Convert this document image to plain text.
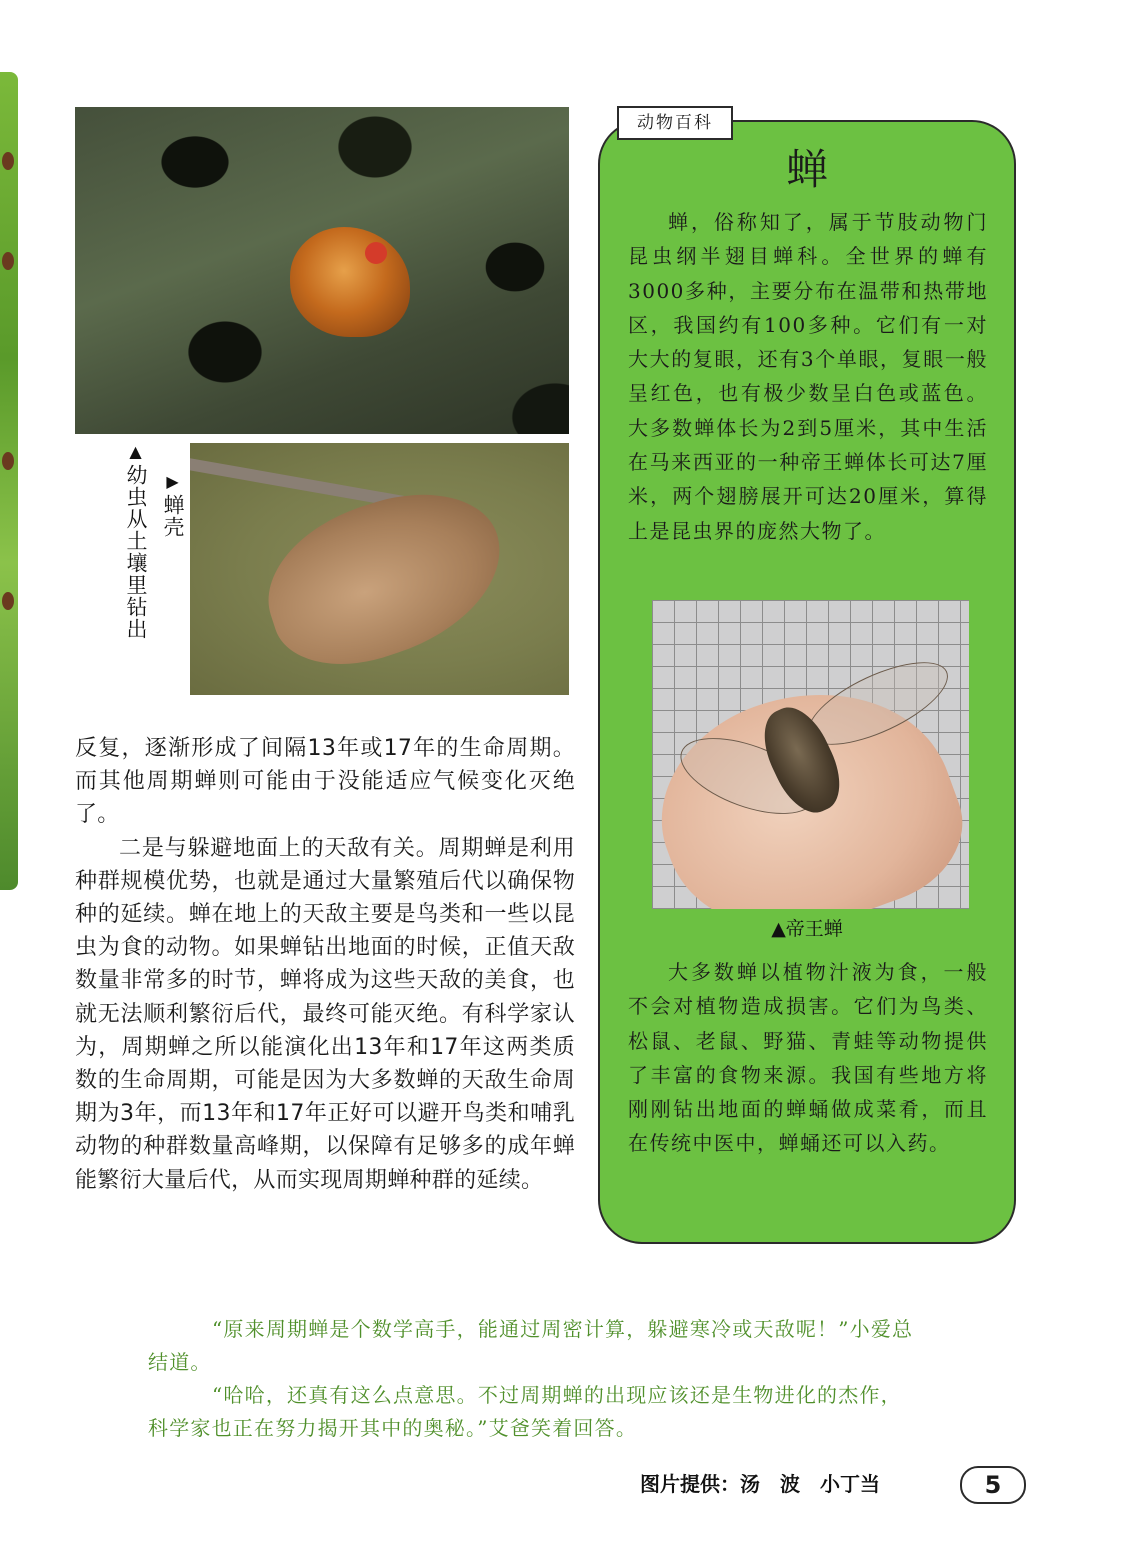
▲幼虫从土壤里钻出	▶蝉壳

反复，逐渐形成了间隔13年或17年的生命周期。而其他周期蝉则可能由于没能适应气候变化灭绝了。

二是与躲避地面上的天敌有关。周期蝉是利用种群规模优势，也就是通过大量繁殖后代以确保物种的延续。蝉在地上的天敌主要是鸟类和一些以昆虫为食的动物。如果蝉钻出地面的时候，正值天敌数量非常多的时节，蝉将成为这些天敌的美食，也就无法顺利繁衍后代，最终可能灭绝。有科学家认为，周期蝉之所以能演化出13年和17年这两类质数的生命周期，可能是因为大多数蝉的天敌生命周期为3年，而13年和17年正好可以避开鸟类和哺乳动物的种群数量高峰期，以保障有足够多的成年蝉能繁衍大量后代，从而实现周期蝉种群的延续。

动物百科
蝉

蝉，俗称知了，属于节肢动物门昆虫纲半翅目蝉科。全世界的蝉有3000多种，主要分布在温带和热带地区，我国约有100多种。它们有一对大大的复眼，还有3个单眼，复眼一般呈红色，也有极少数呈白色或蓝色。大多数蝉体长为2到5厘米，其中生活在马来西亚的一种帝王蝉体长可达7厘米，两个翅膀展开可达20厘米，算得上是昆虫界的庞然大物了。

▲帝王蝉

大多数蝉以植物汁液为食，一般不会对植物造成损害。它们为鸟类、松鼠、老鼠、野猫、青蛙等动物提供了丰富的食物来源。我国有些地方将刚刚钻出地面的蝉蛹做成菜肴，而且在传统中医中，蝉蛹还可以入药。

“原来周期蝉是个数学高手，能通过周密计算，躲避寒冷或天敌呢！”小爱总结道。

“哈哈，还真有这么点意思。不过周期蝉的出现应该还是生物进化的杰作，科学家也正在努力揭开其中的奥秘。”艾爸笑着回答。

图片提供：汤　波　小丁当	5
